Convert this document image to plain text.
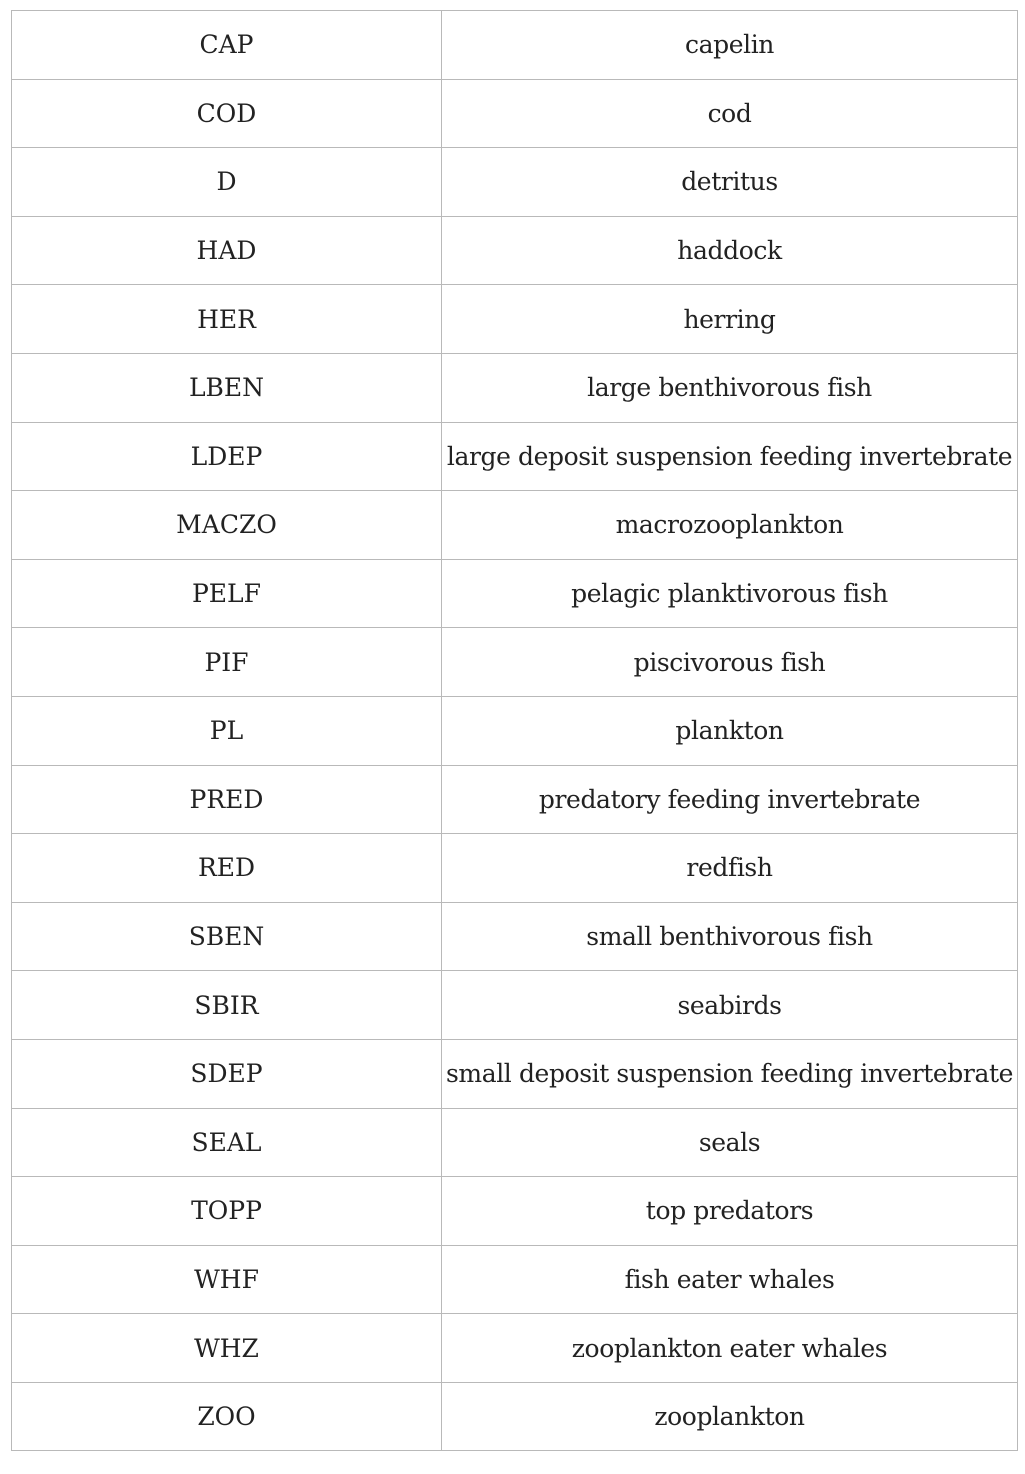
CAP	capelin
COD	cod
D	detritus
HAD	haddock
HER	herring
LBEN	large benthivorous fish
LDEP	large deposit suspension feeding invertebrate
MACZO	macrozooplankton
PELF	pelagic planktivorous fish
PIF	piscivorous fish
PL	plankton
PRED	predatory feeding invertebrate
RED	redfish
SBEN	small benthivorous fish
SBIR	seabirds
SDEP	small deposit suspension feeding invertebrate
SEAL	seals
TOPP	top predators
WHF	fish eater whales
WHZ	zooplankton eater whales
ZOO	zooplankton
